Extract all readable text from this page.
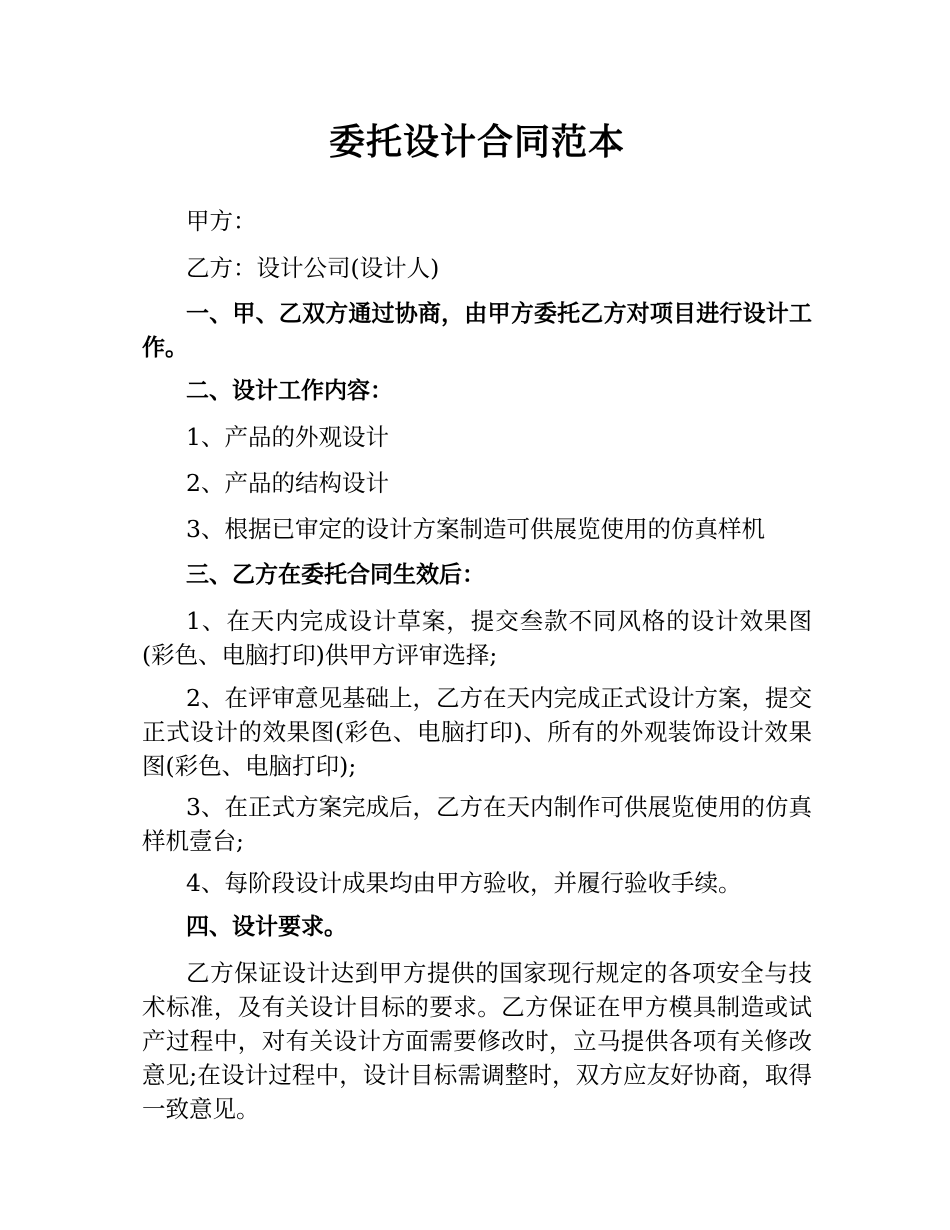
委托设计合同范本

甲方：

乙方：设计公司(设计人)

一、甲、乙双方通过协商，由甲方委托乙方对项目进行设计工作。

二、设计工作内容：

1、产品的外观设计

2、产品的结构设计

3、根据已审定的设计方案制造可供展览使用的仿真样机

三、乙方在委托合同生效后：

1、在天内完成设计草案，提交叁款不同风格的设计效果图(彩色、电脑打印)供甲方评审选择;

2、在评审意见基础上，乙方在天内完成正式设计方案，提交正式设计的效果图(彩色、电脑打印)、所有的外观装饰设计效果图(彩色、电脑打印);

3、在正式方案完成后，乙方在天内制作可供展览使用的仿真样机壹台;

4、每阶段设计成果均由甲方验收，并履行验收手续。

四、设计要求。

乙方保证设计达到甲方提供的国家现行规定的各项安全与技术标准，及有关设计目标的要求。乙方保证在甲方模具制造或试产过程中，对有关设计方面需要修改时，立马提供各项有关修改意见;在设计过程中，设计目标需调整时，双方应友好协商，取得一致意见。
